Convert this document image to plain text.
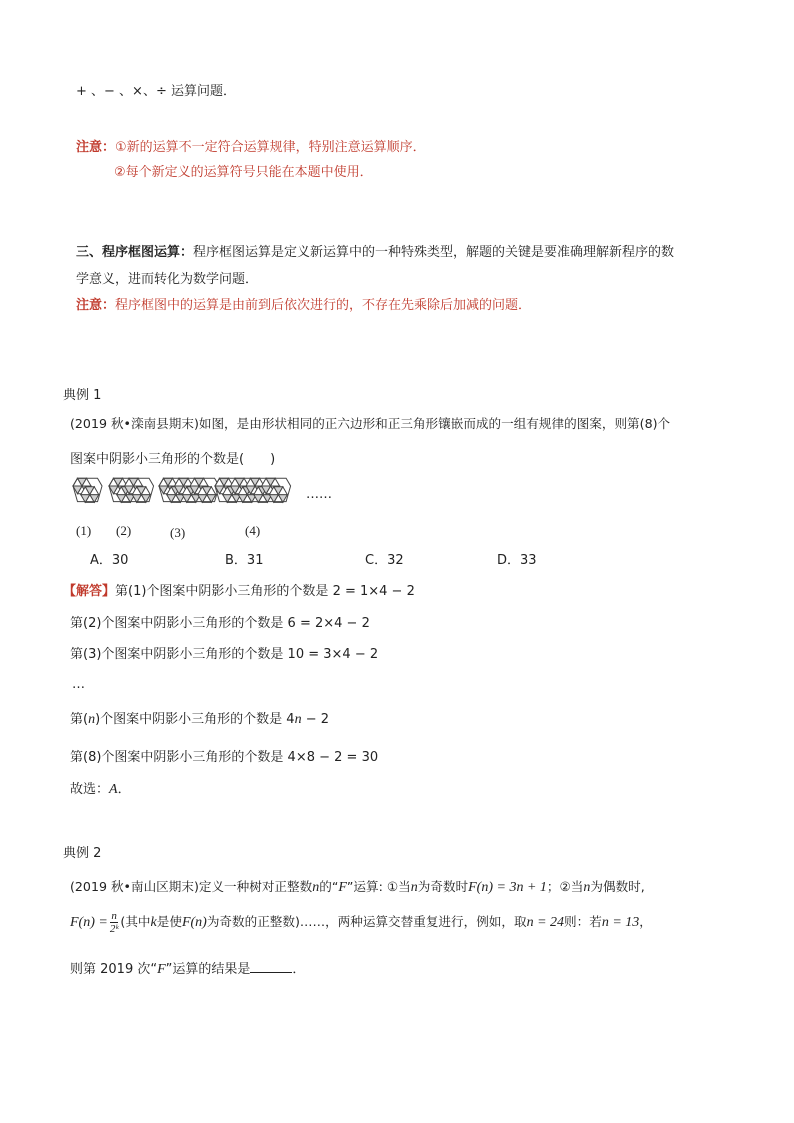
+ 、− 、×、÷ 运算问题．
注意：①新的运算不一定符合运算规律，特别注意运算顺序．
②每个新定义的运算符号只能在本题中使用．
三、程序框图运算：程序框图运算是定义新运算中的一种特殊类型，解题的关键是要准确理解新程序的数
学意义，进而转化为数学问题．
注意：程序框图中的运算是由前到后依次进行的，不存在先乘除后加减的问题．
典例 1
(2019 秋•滦南县期末)如图，是由形状相同的正六边形和正三角形镶嵌而成的一组有规律的图案，则第(8)个
图案中阴影小三角形的个数是(　　)
……
(1) (2)	(3)	(4)
A．30	B．31	C．32	D．33
【解答】第(1)个图案中阴影小三角形的个数是 2 = 1×4 − 2
第(2)个图案中阴影小三角形的个数是 6 = 2×4 − 2
第(3)个图案中阴影小三角形的个数是 10 = 3×4 − 2
…
第(n)个图案中阴影小三角形的个数是 4n − 2
第(8)个图案中阴影小三角形的个数是 4×8 − 2 = 30
故选：A．
典例 2
(2019 秋•南山区期末)定义一种树对正整数n的“F”运算: ①当n为奇数时F(n) = 3n + 1；②当n为偶数时,
$F(n) = \frac{n}{\text{2ᵏ}}$ (其中k是使F(n)为奇数的正整数)……，两种运算交替重复进行，例如，取n = 24则：若n = 13，
则第 2019 次“F”运算的结果是	．
